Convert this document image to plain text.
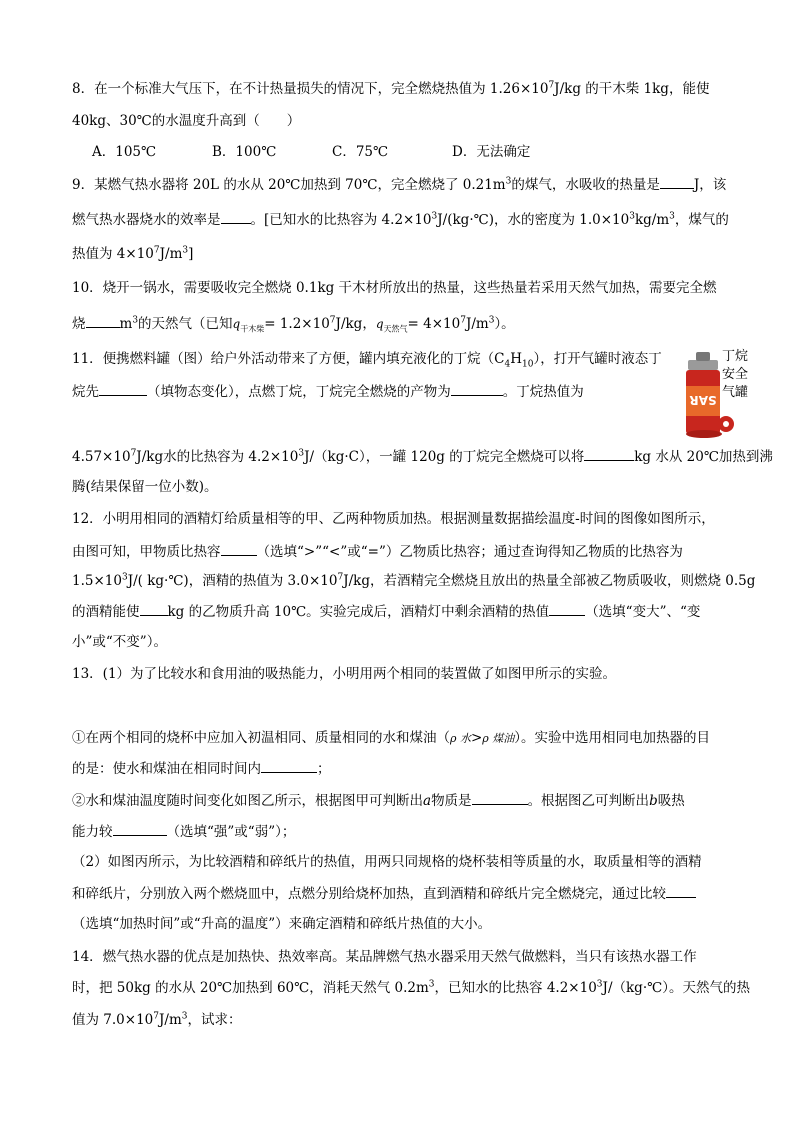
8．在一个标准大气压下，在不计热量损失的情况下，完全燃烧热值为 $1.26\times 10^7J/kg$ 的干木柴 1kg，能使
40kg、30℃的水温度升高到（　　）
A．105℃	B．100℃	C．75℃	D．无法确定
9．某燃气热水器将 20L 的水从 20℃加热到 70℃，完全燃烧了 $0.21m^3$的煤气，水吸收的热量是	J，该
燃气热水器烧水的效率是 。[已知水的比热容为 $4.2\times 10^3J/(kg\cdot℃)$，水的密度为 $1.0\times 10^3kg/m^3$，煤气的
热值为 $4\times 10^7J/m^3$]
10．烧开一锅水，需要吸收完全燃烧 0.1kg 干木材所放出的热量，这些热量若采用天然气加热，需要完全燃
烧	$m^3$的天然气（已知$q_{干木柴}= 1.2\times 10^7J/kg$，$q_{天然气}= 4\times 10^7J/m^3$）。
11．便携燃料罐（图）给户外活动带来了方便，罐内填充液化的丁烷$(C_4H_{10})$，打开气罐时液态丁
烷先	（填物态变化），点燃丁烷，丁烷完全燃烧的产物为	。丁烷热值为	SAR
丁烷
安全
气罐
$4.57\times 10^7J/kg$水的比热容为 $4.2\times 10^3J/(kg\cdot C)$，一罐 120g 的丁烷完全燃烧可以将	kg 水从 20℃加热到沸
腾(结果保留一位小数)。
12．小明用相同的酒精灯给质量相等的甲、乙两种物质加热。根据测量数据描绘温度-时间的图像如图所示，
由图可知，甲物质比热容	（选填“>”“<”或“=”）乙物质比热容；通过查询得知乙物质的比热容为
$1.5\times 10^3J/$( kg·℃)，酒精的热值为 $3.0\times 10^7J/kg$，若酒精完全燃烧且放出的热量全部被乙物质吸收，则燃烧 0.5g
的酒精能使 kg 的乙物质升高 10℃。实验完成后，酒精灯中剩余酒精的热值	（选填“变大”、“变
小”或“不变”）。
13．(1）为了比较水和食用油的吸热能力，小明用两个相同的装置做了如图甲所示的实验。
①在两个相同的烧杯中应加入初温相同、质量相同的水和煤油（ρ 水>ρ 煤油）。实验中选用相同电加热器的目
的是：使水和煤油在相同时间内	；
②水和煤油温度随时间变化如图乙所示，根据图甲可判断出a物质是	。根据图乙可判断出b吸热
能力较	（选填“强”或“弱”）；
（2）如图丙所示，为比较酒精和碎纸片的热值，用两只同规格的烧杯装相等质量的水，取质量相等的酒精
和碎纸片，分别放入两个燃烧皿中，点燃分别给烧杯加热，直到酒精和碎纸片完全燃烧完，通过比较
（选填“加热时间”或“升高的温度”）来确定酒精和碎纸片热值的大小。
14．燃气热水器的优点是加热快、热效率高。某品牌燃气热水器采用天然气做燃料，当只有该热水器工作
时，把 50kg 的水从 20℃加热到 60℃，消耗天然气 $0.2m^3$，已知水的比热容 $4.2\times 10^3J/(kg\cdot℃)$。天然气的热
值为 $7.0\times 10^7J/m^3$，试求：
